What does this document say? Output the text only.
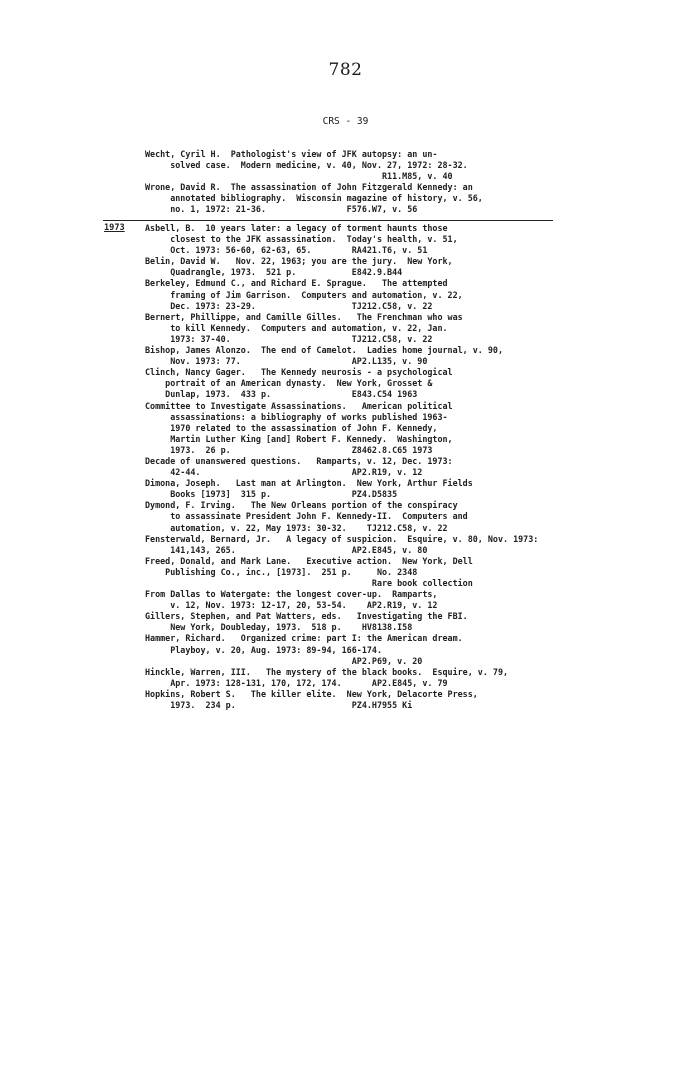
782
CRS - 39
Wecht, Cyril H.  Pathologist's view of JFK autopsy: an un-
solved case.  Modern medicine, v. 40, Nov. 27, 1972: 28-32.
R11.M85, v. 40
Wrone, David R.  The assassination of John Fitzgerald Kennedy: an
annotated bibliography.  Wisconsin magazine of history, v. 56,
no. 1, 1972: 21-36.                F576.W7, v. 56
1973 Asbell, B.  10 years later: a legacy of torment haunts those
closest to the JFK assassination.  Today's health, v. 51,
Oct. 1973: 56-60, 62-63, 65.        RA421.T6, v. 51
Belin, David W.   Nov. 22, 1963; you are the jury.  New York,
Quadrangle, 1973.  521 p.           E842.9.B44
Berkeley, Edmund C., and Richard E. Sprague.   The attempted
framing of Jim Garrison.  Computers and automation, v. 22,
Dec. 1973: 23-29.                   TJ212.C58, v. 22
Bernert, Phillippe, and Camille Gilles.   The Frenchman who was
to kill Kennedy.  Computers and automation, v. 22, Jan.
1973: 37-40.                        TJ212.C58, v. 22
Bishop, James Alonzo.  The end of Camelot.  Ladies home journal, v. 90,
Nov. 1973: 77.                      AP2.L135, v. 90
Clinch, Nancy Gager.   The Kennedy neurosis - a psychological
portrait of an American dynasty.  New York, Grosset &
Dunlap, 1973.  433 p.                E843.C54 1963
Committee to Investigate Assassinations.   American political
assassinations: a bibliography of works published 1963-
1970 related to the assassination of John F. Kennedy,
Martin Luther King [and] Robert F. Kennedy.  Washington,
1973.  26 p.                        Z8462.8.C65 1973
Decade of unanswered questions.   Ramparts, v. 12, Dec. 1973:
42-44.                              AP2.R19, v. 12
Dimona, Joseph.   Last man at Arlington.  New York, Arthur Fields
Books [1973]  315 p.                PZ4.D5835
Dymond, F. Irving.   The New Orleans portion of the conspiracy
to assassinate President John F. Kennedy-II.  Computers and
automation, v. 22, May 1973: 30-32.    TJ212.C58, v. 22
Fensterwald, Bernard, Jr.   A legacy of suspicion.  Esquire, v. 80, Nov. 1973:
141,143, 265.                       AP2.E845, v. 80
Freed, Donald, and Mark Lane.   Executive action.  New York, Dell
Publishing Co., inc., [1973].  251 p.     No. 2348
Rare book collection
From Dallas to Watergate: the longest cover-up.  Ramparts,
v. 12, Nov. 1973: 12-17, 20, 53-54.    AP2.R19, v. 12
Gillers, Stephen, and Pat Watters, eds.   Investigating the FBI.
New York, Doubleday, 1973.  518 p.    HV8138.I58
Hammer, Richard.   Organized crime: part I: the American dream.
Playboy, v. 20, Aug. 1973: 89-94, 166-174.
AP2.P69, v. 20
Hinckle, Warren, III.   The mystery of the black books.  Esquire, v. 79,
Apr. 1973: 128-131, 170, 172, 174.      AP2.E845, v. 79
Hopkins, Robert S.   The killer elite.  New York, Delacorte Press,
1973.  234 p.                       PZ4.H7955 Ki
